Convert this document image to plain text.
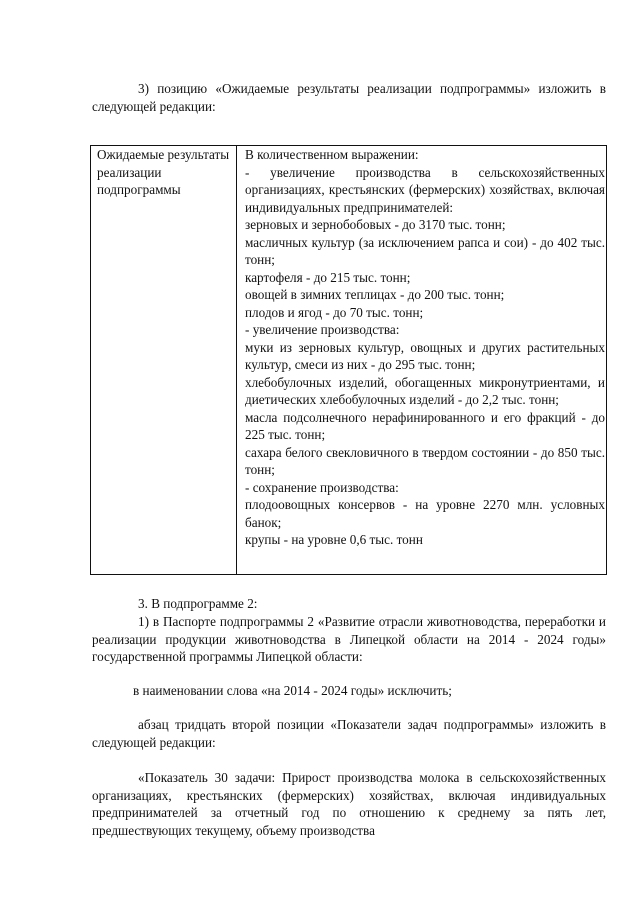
3) позицию «Ожидаемые результаты реализации подпрограммы» изложить в следующей редакции:

Ожидаемые результаты реализации подпрограммы

В количественном выражении:

- увеличение производства в сельскохозяйственных организациях, крестьянских (фермерских) хозяйствах, включая индивидуальных предпринимателей:

зерновых и зернобобовых - до 3170 тыс. тонн;

масличных культур (за исключением рапса и сои) - до 402 тыс. тонн;

картофеля - до 215 тыс. тонн;

овощей в зимних теплицах - до 200 тыс. тонн;

плодов и ягод - до 70 тыс. тонн;

- увеличение производства:

муки из зерновых культур, овощных и других растительных культур, смеси из них - до 295 тыс. тонн;

хлебобулочных изделий, обогащенных микронутриентами, и диетических хлебобулочных изделий - до 2,2 тыс. тонн;

масла подсолнечного нерафинированного и его фракций - до 225 тыс. тонн;

сахара белого свекловичного в твердом состоянии - до 850 тыс. тонн;

- сохранение производства:

плодоовощных консервов - на уровне 2270 млн. условных банок;

крупы - на уровне 0,6 тыс. тонн

3. В подпрограмме 2:

1) в Паспорте подпрограммы 2 «Развитие отрасли животноводства, переработки и реализации продукции животноводства в Липецкой области на 2014 - 2024 годы» государственной программы Липецкой области:

в наименовании слова «на 2014 - 2024 годы» исключить;

абзац тридцать второй позиции «Показатели задач подпрограммы» изложить в следующей редакции:

«Показатель 30 задачи: Прирост производства молока в сельскохозяйственных организациях, крестьянских (фермерских) хозяйствах, включая индивидуальных предпринимателей за отчетный год по отношению к среднему за пять лет, предшествующих текущему, объему производства
